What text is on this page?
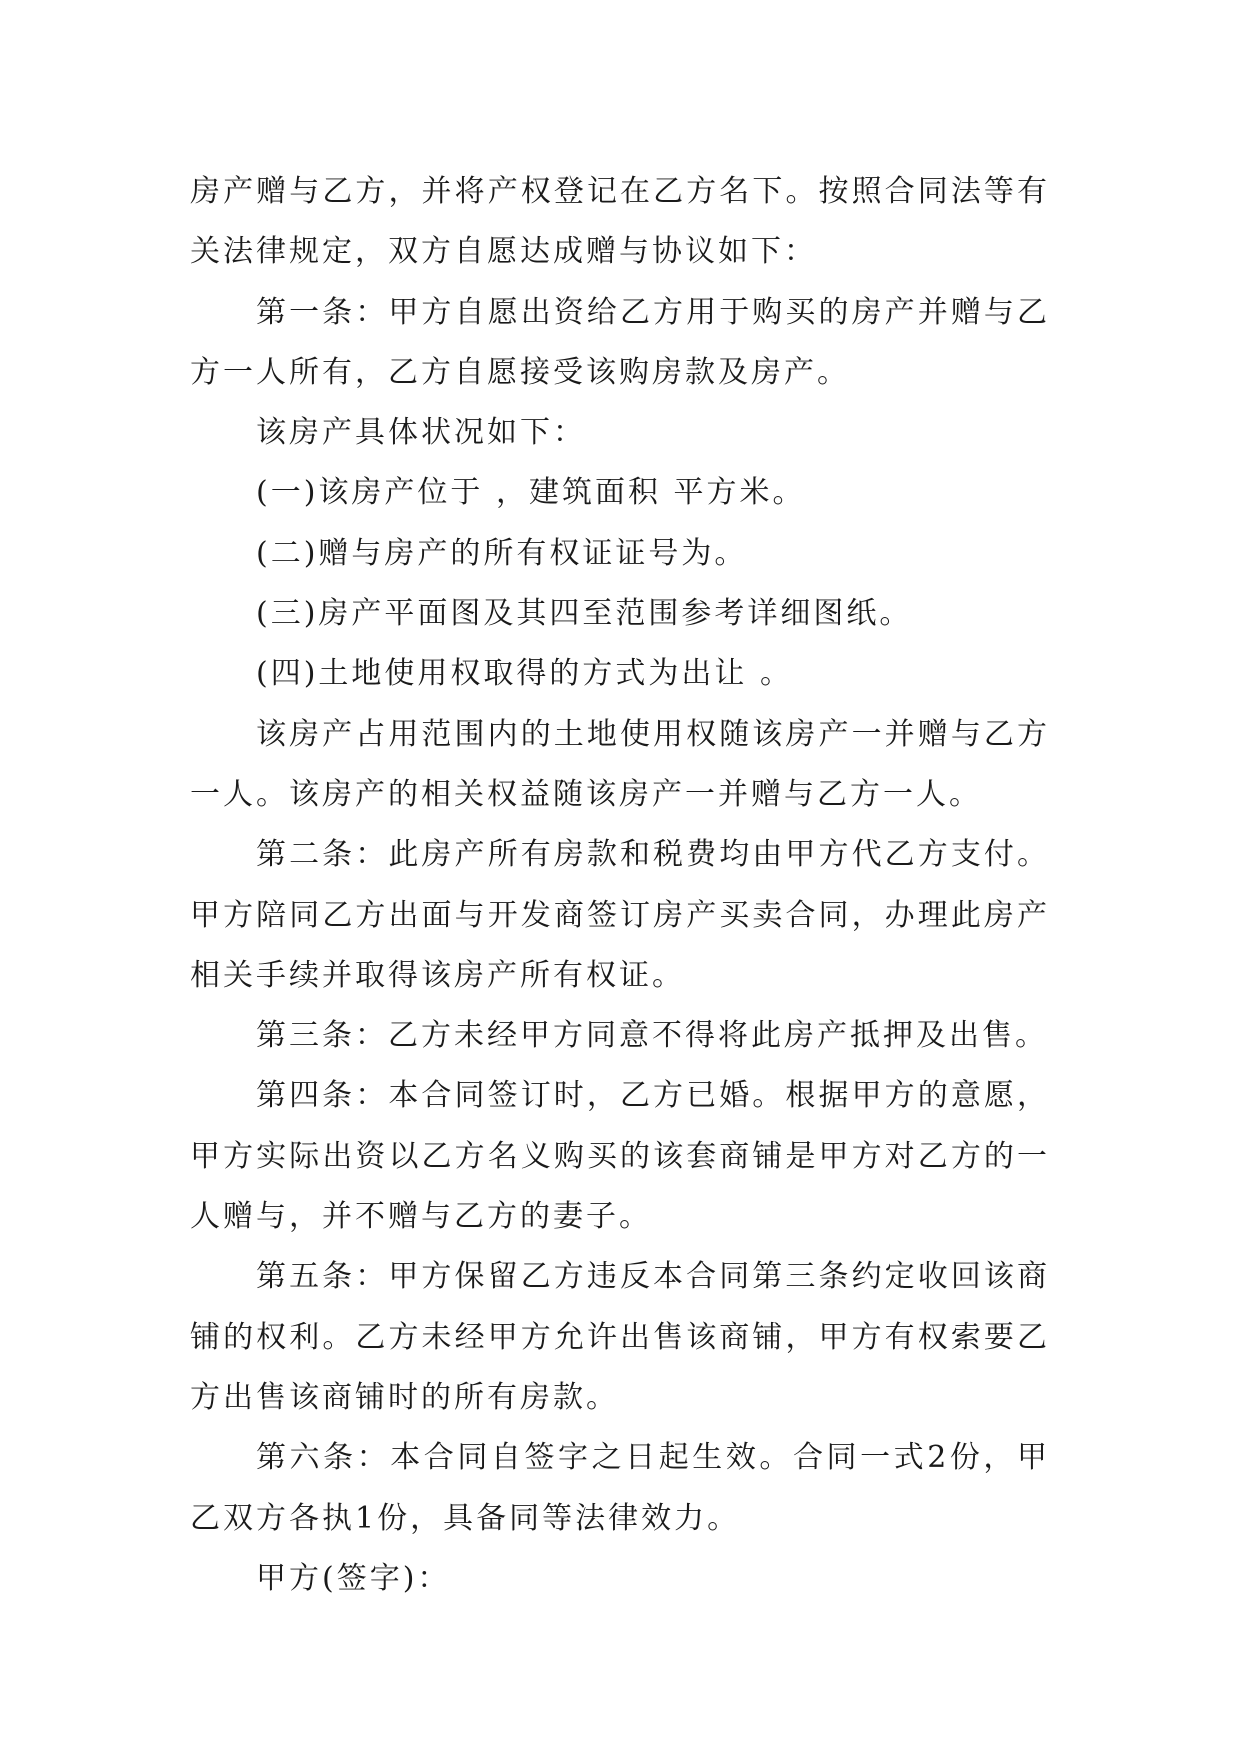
房产赠与乙方，并将产权登记在乙方名下。按照合同法等有关法律规定，双方自愿达成赠与协议如下：

第一条：甲方自愿出资给乙方用于购买的房产并赠与乙方一人所有，乙方自愿接受该购房款及房产。

该房产具体状况如下：

(一)该房产位于 ，建筑面积 平方米。

(二)赠与房产的所有权证证号为。

(三)房产平面图及其四至范围参考详细图纸。

(四)土地使用权取得的方式为出让 。

该房产占用范围内的土地使用权随该房产一并赠与乙方一人。该房产的相关权益随该房产一并赠与乙方一人。

第二条：此房产所有房款和税费均由甲方代乙方支付。甲方陪同乙方出面与开发商签订房产买卖合同，办理此房产相关手续并取得该房产所有权证。

第三条：乙方未经甲方同意不得将此房产抵押及出售。

第四条：本合同签订时，乙方已婚。根据甲方的意愿，甲方实际出资以乙方名义购买的该套商铺是甲方对乙方的一人赠与，并不赠与乙方的妻子。

第五条：甲方保留乙方违反本合同第三条约定收回该商铺的权利。乙方未经甲方允许出售该商铺，甲方有权索要乙方出售该商铺时的所有房款。

第六条：本合同自签字之日起生效。合同一式2份，甲乙双方各执1份，具备同等法律效力。

甲方(签字)：
